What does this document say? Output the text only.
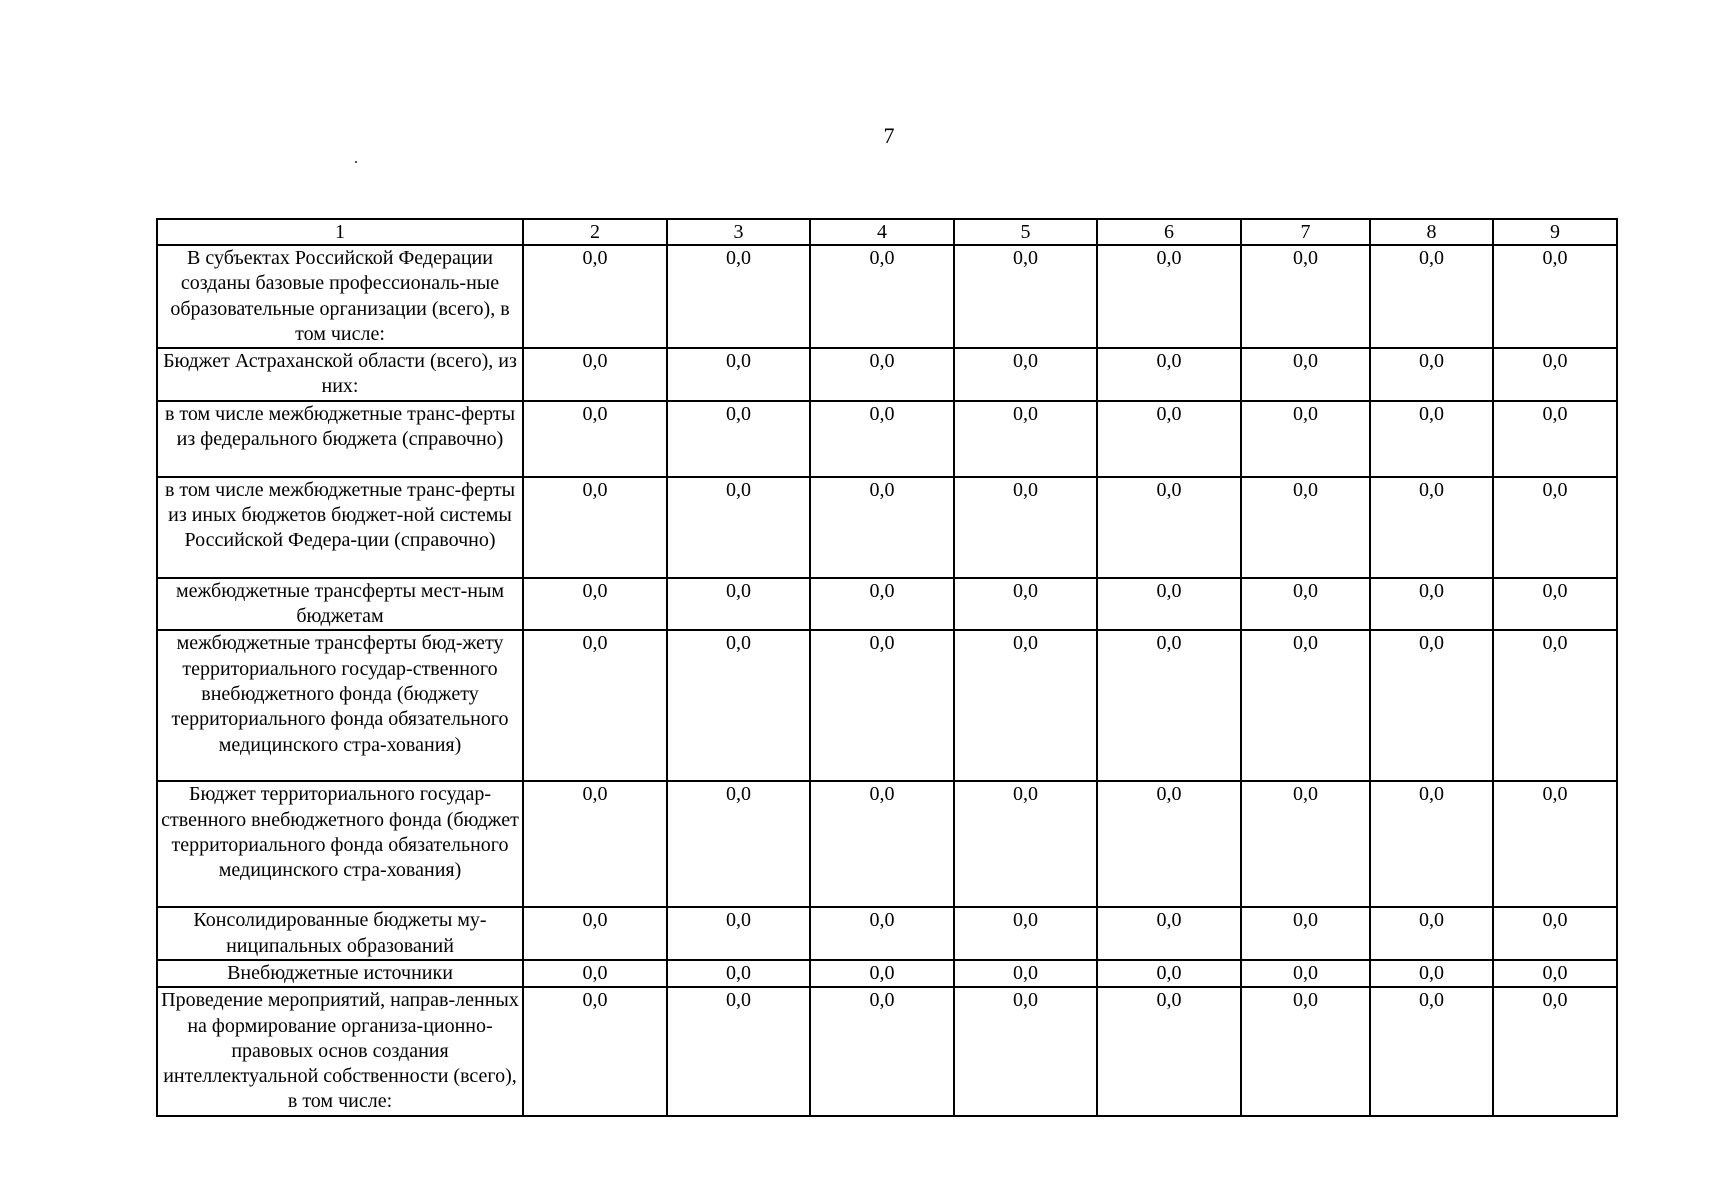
7
1	2	3	4	5	6	7	8	9
В субъектах Российской Федерации созданы базовые профессиональ-ные образовательные организации (всего), в том числе:	0,0	0,0	0,0	0,0	0,0	0,0	0,0	0,0
Бюджет Астраханской области (всего), из них:	0,0	0,0	0,0	0,0	0,0	0,0	0,0	0,0
в том числе межбюджетные транс-ферты из федерального бюджета (справочно)	0,0	0,0	0,0	0,0	0,0	0,0	0,0	0,0
в том числе межбюджетные транс-ферты из иных бюджетов бюджет-ной системы Российской Федера-ции (справочно)	0,0	0,0	0,0	0,0	0,0	0,0	0,0	0,0
межбюджетные трансферты мест-ным бюджетам	0,0	0,0	0,0	0,0	0,0	0,0	0,0	0,0
межбюджетные трансферты бюд-жету территориального государ-ственного внебюджетного фонда (бюджету территориального фонда обязательного медицинского стра-хования)	0,0	0,0	0,0	0,0	0,0	0,0	0,0	0,0
Бюджет территориального государ-ственного внебюджетного фонда (бюджет территориального фонда обязательного медицинского стра-хования)	0,0	0,0	0,0	0,0	0,0	0,0	0,0	0,0
Консолидированные бюджеты му-ниципальных образований	0,0	0,0	0,0	0,0	0,0	0,0	0,0	0,0
Внебюджетные источники	0,0	0,0	0,0	0,0	0,0	0,0	0,0	0,0
Проведение мероприятий, направ-ленных на формирование организа-ционно-правовых основ создания интеллектуальной собственности (всего), в том числе:	0,0	0,0	0,0	0,0	0,0	0,0	0,0	0,0
